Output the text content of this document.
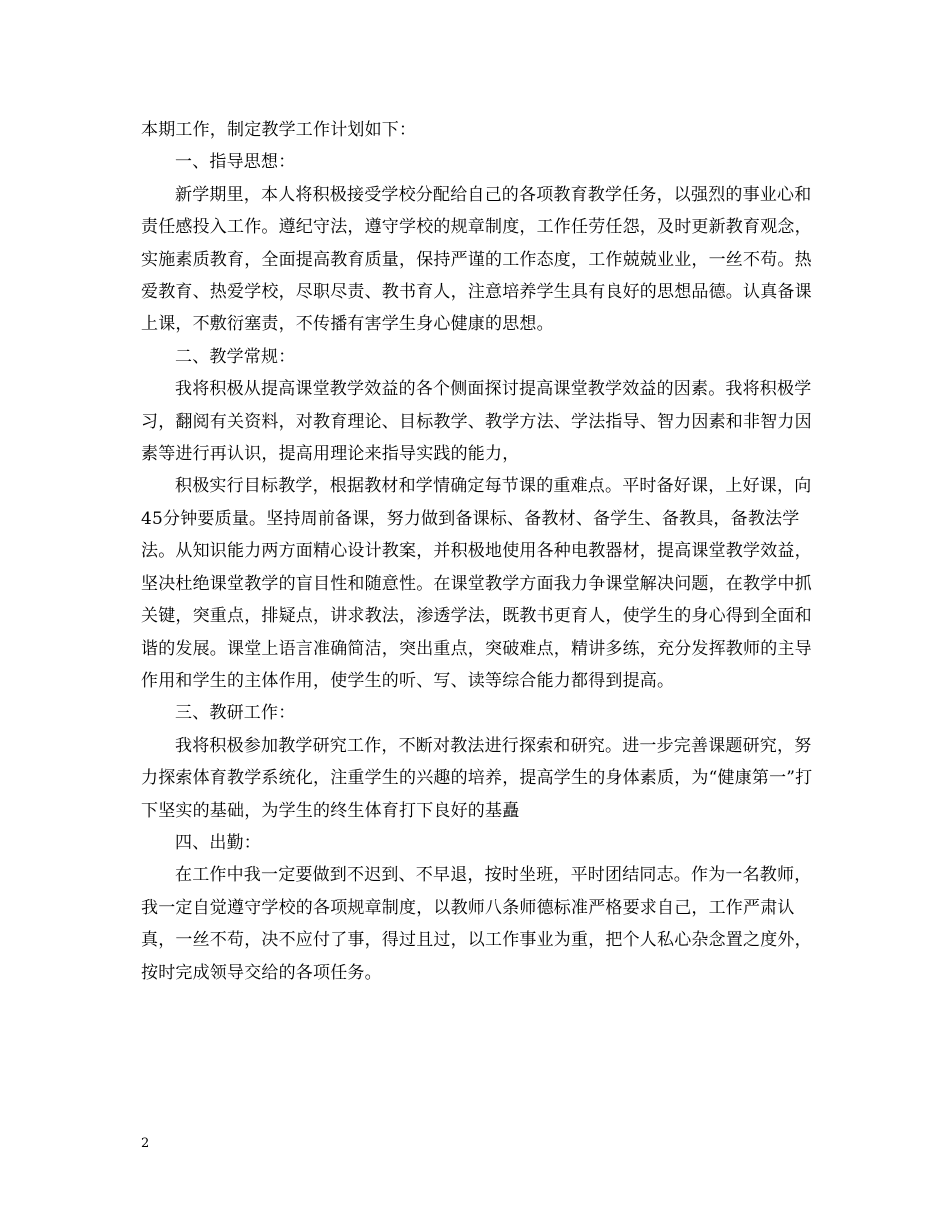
本期工作，制定教学工作计划如下：

一、指导思想：

新学期里，本人将积极接受学校分配给自己的各项教育教学任务，以强烈的事业心和责任感投入工作。遵纪守法，遵守学校的规章制度，工作任劳任怨，及时更新教育观念，实施素质教育，全面提高教育质量，保持严谨的工作态度，工作兢兢业业，一丝不苟。热爱教育、热爱学校，尽职尽责、教书育人，注意培养学生具有良好的思想品德。认真备课上课，不敷衍塞责，不传播有害学生身心健康的思想。

二、教学常规：

我将积极从提高课堂教学效益的各个侧面探讨提高课堂教学效益的因素。我将积极学习，翻阅有关资料，对教育理论、目标教学、教学方法、学法指导、智力因素和非智力因素等进行再认识，提高用理论来指导实践的能力，

积极实行目标教学，根据教材和学情确定每节课的重难点。平时备好课，上好课，向45分钟要质量。坚持周前备课，努力做到备课标、备教材、备学生、备教具，备教法学法。从知识能力两方面精心设计教案，并积极地使用各种电教器材，提高课堂教学效益，坚决杜绝课堂教学的盲目性和随意性。在课堂教学方面我力争课堂解决问题，在教学中抓关键，突重点，排疑点，讲求教法，渗透学法，既教书更育人，使学生的身心得到全面和谐的发展。课堂上语言准确简洁，突出重点，突破难点，精讲多练，充分发挥教师的主导作用和学生的主体作用，使学生的听、写、读等综合能力都得到提高。

三、教研工作：

我将积极参加教学研究工作，不断对教法进行探索和研究。进一步完善课题研究，努力探索体育教学系统化，注重学生的兴趣的培养，提高学生的身体素质，为“健康第一”打下坚实的基础，为学生的终生体育打下良好的基矗

四、出勤：

在工作中我一定要做到不迟到、不早退，按时坐班，平时团结同志。作为一名教师，我一定自觉遵守学校的各项规章制度，以教师八条师德标准严格要求自己，工作严肃认真，一丝不苟，决不应付了事，得过且过，以工作事业为重，把个人私心杂念置之度外，按时完成领导交给的各项任务。

2
